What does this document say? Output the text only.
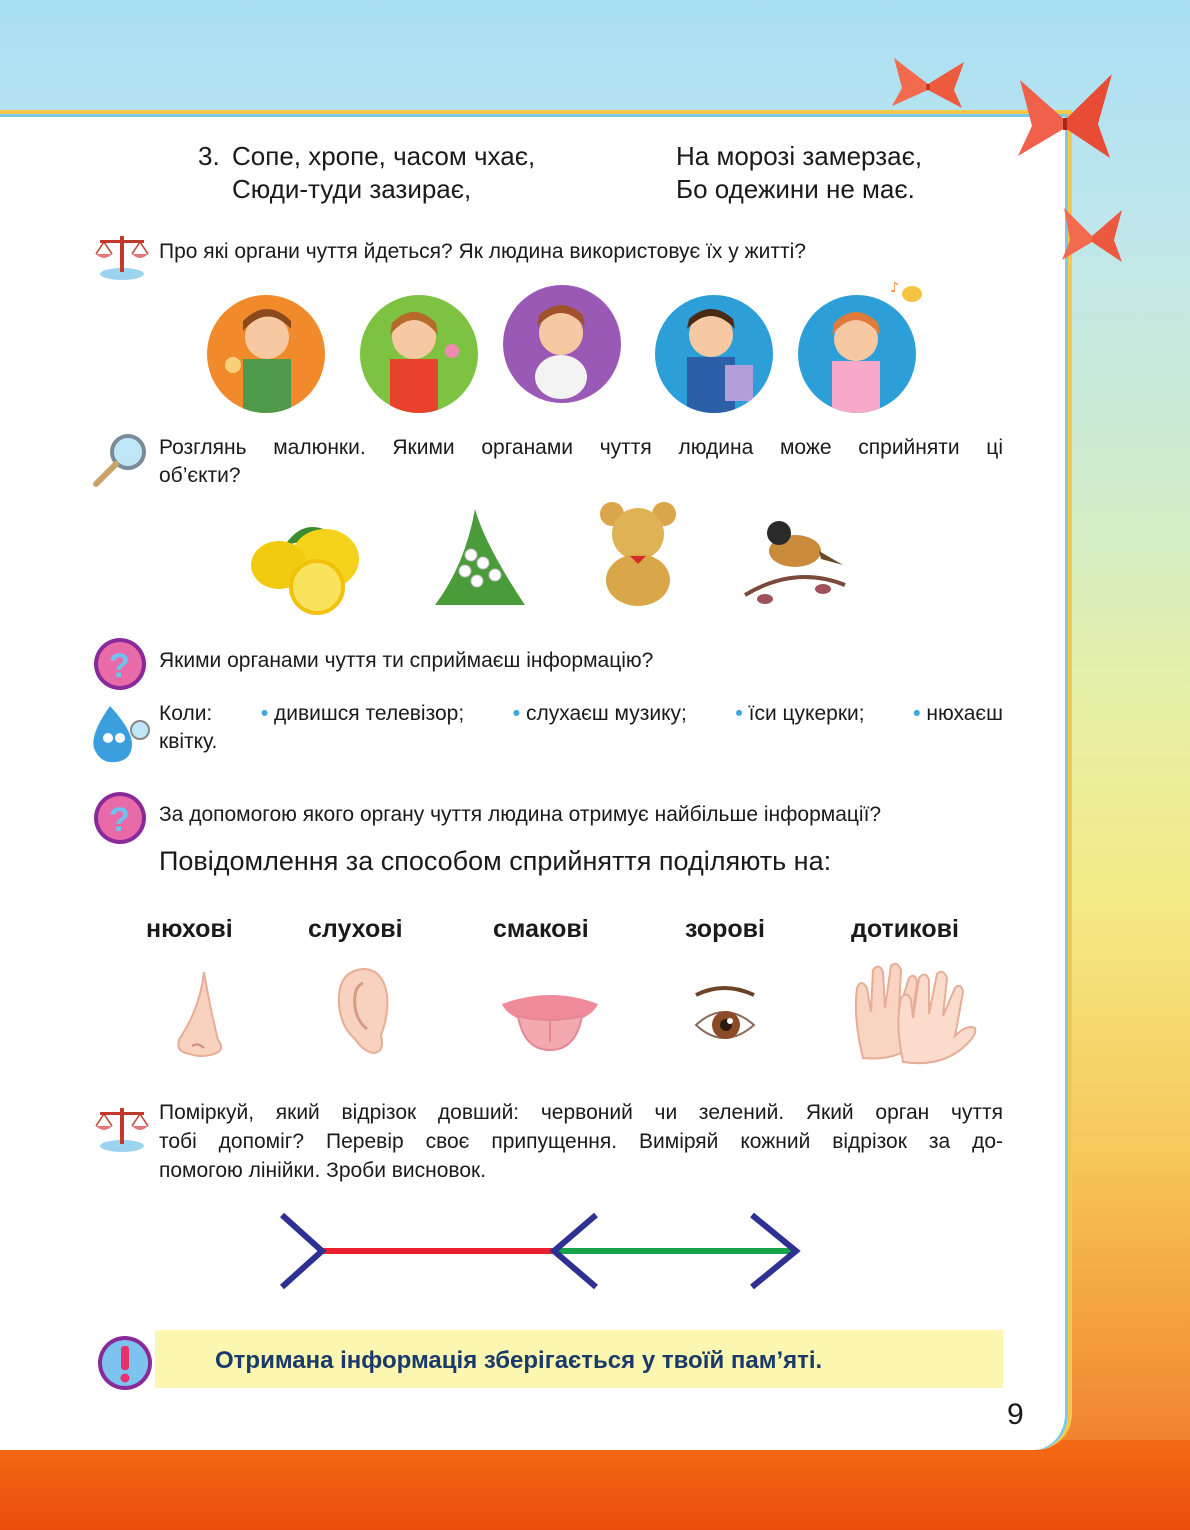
3. Сопе, хропе, часом чхає,
Сюди-туди зазирає,
На морозі замерзає,
Бо одежини не має.
Про які органи чуття йдеться? Як людина використовує їх у житті?
♪
Розглянь малюнки. Якими органами чуття людина може сприйняти ці
об’єкти?
? Якими органами чуття ти сприймаєш інформацію?
Коли: • дивишся телевізор; • слухаєш музику; • їси цукерки; • нюхаєш
квітку.
? За допомогою якого органу чуття людина отримує найбільше інформації?
Повідомлення за способом сприйняття поділяють на:
нюхові	слухові	смакові	зорові	дотикові
Поміркуй, який відрізок довший: червоний чи зелений. Який орган чуття
тобі допоміг? Перевір своє припущення. Виміряй кожний відрізок за до-
помогою лінійки. Зроби висновок.
Отримана інформація зберігається у твоїй пам’яті.
9
